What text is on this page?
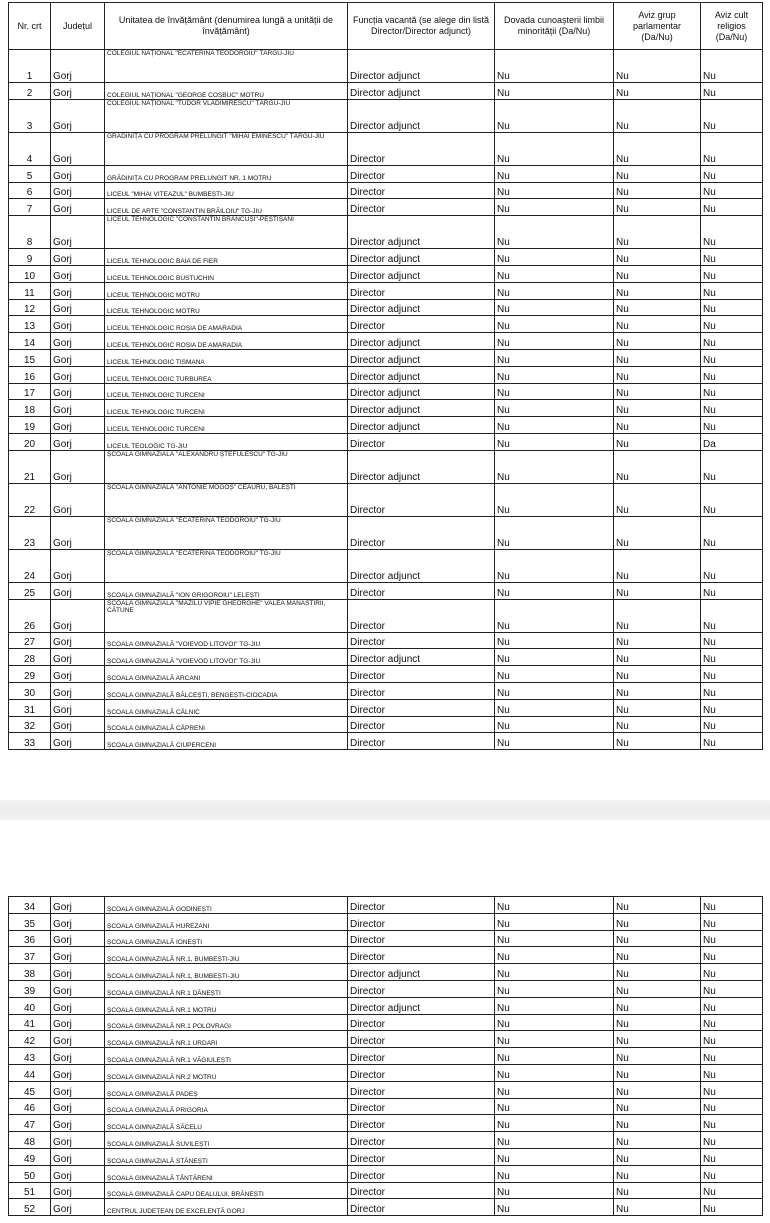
Nr. crt	Județul	Unitatea de învățământ (denumirea lungă a unității de învățământ)	Funcția vacantă (se alege din listă Director/Director adjunct)	Dovada cunoașterii limbii minorității (Da/Nu)	Aviz grup parlamentar (Da/Nu)	Aviz cult religios (Da/Nu)
1	Gorj	COLEGIUL NAȚIONAL "ECATERINA TEODOROIU" TÂRGU-JIU	Director adjunct	Nu	Nu	Nu
2	Gorj	COLEGIUL NAȚIONAL "GEORGE COȘBUC" MOTRU	Director adjunct	Nu	Nu	Nu
3	Gorj	COLEGIUL NAȚIONAL "TUDOR VLADIMIRESCU" TÂRGU-JIU	Director adjunct	Nu	Nu	Nu
4	Gorj	GRĂDINIȚA CU PROGRAM PRELUNGIT "MIHAI EMINESCU" TÂRGU-JIU	Director	Nu	Nu	Nu
5	Gorj	GRĂDINIȚA CU PROGRAM PRELUNGIT NR. 1 MOTRU	Director	Nu	Nu	Nu
6	Gorj	LICEUL "MIHAI VITEAZUL" BUMBEȘTI-JIU	Director	Nu	Nu	Nu
7	Gorj	LICEUL DE ARTE "CONSTANTIN BRĂILOIU" TG-JIU	Director	Nu	Nu	Nu
8	Gorj	LICEUL TEHNOLOGIC "CONSTANTIN BRÂNCUȘI"-PEȘTIȘANI	Director adjunct	Nu	Nu	Nu
9	Gorj	LICEUL TEHNOLOGIC BAIA DE FIER	Director adjunct	Nu	Nu	Nu
10	Gorj	LICEUL TEHNOLOGIC BUSTUCHIN	Director adjunct	Nu	Nu	Nu
11	Gorj	LICEUL TEHNOLOGIC MOTRU	Director	Nu	Nu	Nu
12	Gorj	LICEUL TEHNOLOGIC MOTRU	Director adjunct	Nu	Nu	Nu
13	Gorj	LICEUL TEHNOLOGIC ROȘIA DE AMARADIA	Director	Nu	Nu	Nu
14	Gorj	LICEUL TEHNOLOGIC ROȘIA DE AMARADIA	Director adjunct	Nu	Nu	Nu
15	Gorj	LICEUL TEHNOLOGIC TISMANA	Director adjunct	Nu	Nu	Nu
16	Gorj	LICEUL TEHNOLOGIC TURBUREA	Director adjunct	Nu	Nu	Nu
17	Gorj	LICEUL TEHNOLOGIC TURCENI	Director adjunct	Nu	Nu	Nu
18	Gorj	LICEUL TEHNOLOGIC TURCENI	Director adjunct	Nu	Nu	Nu
19	Gorj	LICEUL TEHNOLOGIC TURCENI	Director adjunct	Nu	Nu	Nu
20	Gorj	LICEUL TEOLOGIC TG-JIU	Director	Nu	Nu	Da
21	Gorj	ȘCOALA GIMNAZIALĂ "ALEXANDRU ȘTEFULESCU" TG-JIU	Director adjunct	Nu	Nu	Nu
22	Gorj	ȘCOALA GIMNAZIALĂ "ANTONIE MOGOȘ" CEAURU, BĂLEȘTI	Director	Nu	Nu	Nu
23	Gorj	ȘCOALA GIMNAZIALĂ "ECATERINA TEODOROIU" TG-JIU	Director	Nu	Nu	Nu
24	Gorj	ȘCOALA GIMNAZIALĂ "ECATERINA TEODOROIU" TG-JIU	Director adjunct	Nu	Nu	Nu
25	Gorj	ȘCOALA GIMNAZIALĂ "ION GRIGOROIU" LELEȘTI	Director	Nu	Nu	Nu
26	Gorj	ȘCOALA GIMNAZIALĂ "MAZILU VIPIE GHEORGHE" VALEA MĂNĂSTIRII, CĂTUNE	Director	Nu	Nu	Nu
27	Gorj	ȘCOALA GIMNAZIALĂ "VOIEVOD LITOVOI" TG-JIU	Director	Nu	Nu	Nu
28	Gorj	ȘCOALA GIMNAZIALĂ "VOIEVOD LITOVOI" TG-JIU	Director adjunct	Nu	Nu	Nu
29	Gorj	ȘCOALA GIMNAZIALĂ ARCANI	Director	Nu	Nu	Nu
30	Gorj	ȘCOALA GIMNAZIALĂ BĂLCEȘTI, BENGEȘTI-CIOCADIA	Director	Nu	Nu	Nu
31	Gorj	ȘCOALA GIMNAZIALĂ CĂLNIC	Director	Nu	Nu	Nu
32	Gorj	ȘCOALA GIMNAZIALĂ CĂPRENI	Director	Nu	Nu	Nu
33	Gorj	ȘCOALA GIMNAZIALĂ CIUPERCENI	Director	Nu	Nu	Nu
34	Gorj	ȘCOALA GIMNAZIALĂ GODINEȘTI	Director	Nu	Nu	Nu
35	Gorj	ȘCOALA GIMNAZIALĂ HUREZANI	Director	Nu	Nu	Nu
36	Gorj	ȘCOALA GIMNAZIALĂ IONEȘTI	Director	Nu	Nu	Nu
37	Gorj	ȘCOALA GIMNAZIALĂ NR.1, BUMBEȘTI-JIU	Director	Nu	Nu	Nu
38	Gorj	ȘCOALA GIMNAZIALĂ NR.1, BUMBEȘTI-JIU	Director adjunct	Nu	Nu	Nu
39	Gorj	ȘCOALA GIMNAZIALĂ NR.1 DĂNEȘTI	Director	Nu	Nu	Nu
40	Gorj	ȘCOALA GIMNAZIALĂ NR.1 MOTRU	Director adjunct	Nu	Nu	Nu
41	Gorj	ȘCOALA GIMNAZIALĂ NR.1 POLOVRAGI	Director	Nu	Nu	Nu
42	Gorj	ȘCOALA GIMNAZIALĂ NR.1 URDARI	Director	Nu	Nu	Nu
43	Gorj	ȘCOALA GIMNAZIALĂ NR.1 VĂGIULEȘTI	Director	Nu	Nu	Nu
44	Gorj	ȘCOALA GIMNAZIALĂ NR.2 MOTRU	Director	Nu	Nu	Nu
45	Gorj	ȘCOALA GIMNAZIALĂ PADEȘ	Director	Nu	Nu	Nu
46	Gorj	ȘCOALA GIMNAZIALĂ PRIGORIA	Director	Nu	Nu	Nu
47	Gorj	ȘCOALA GIMNAZIALĂ SĂCELU	Director	Nu	Nu	Nu
48	Gorj	ȘCOALA GIMNAZIALĂ SUVILEȘTI	Director	Nu	Nu	Nu
49	Gorj	ȘCOALA GIMNAZIALĂ STĂNEȘTI	Director	Nu	Nu	Nu
50	Gorj	ȘCOALA GIMNAZIALĂ TÂNTĂRENI	Director	Nu	Nu	Nu
51	Gorj	ȘCOALA GIMNAZIALĂ CAPU DEALULUI, BRĂNEȘTI	Director	Nu	Nu	Nu
52	Gorj	CENTRUL JUDEȚEAN DE EXCELENȚĂ GORJ	Director	Nu	Nu	Nu
